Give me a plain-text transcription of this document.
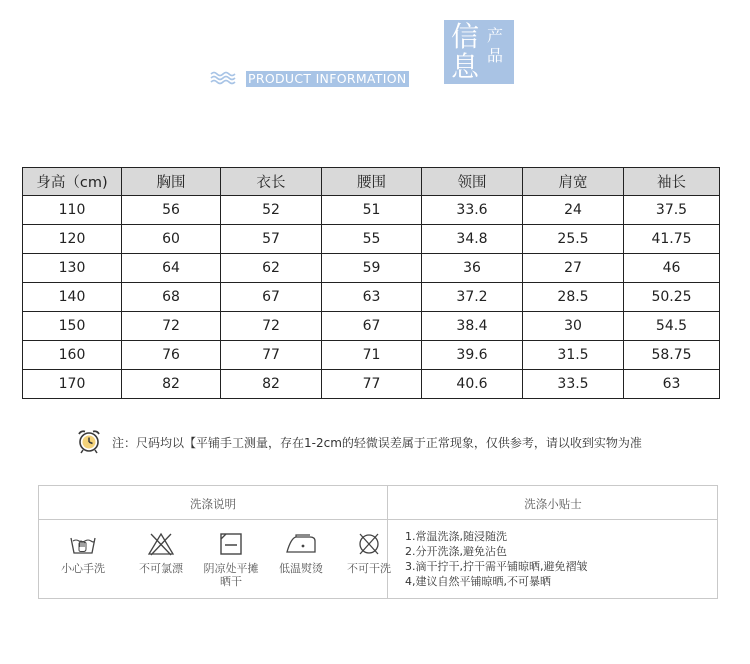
PRODUCT INFORMATION
信息
产品
身高（cm)	胸围	衣长	腰围	领围	肩宽	袖长
110	56	52	51	33.6	24	37.5
120	60	57	55	34.8	25.5	41.75
130	64	62	59	36	27	46
140	68	67	63	37.2	28.5	50.25
150	72	72	67	38.4	30	54.5
160	76	77	71	39.6	31.5	58.75
170	82	82	77	40.6	33.5	63
注：尺码均以【平铺手工测量，存在1-2cm的轻微误差属于正常现象，仅供参考，请以收到实物为准
洗涤说明	洗涤小贴士
小心手洗	不可氯漂	阴凉处平摊晒干
低温熨烫	不可干洗
1.常温洗涤,随浸随洗
2.分开洗涤,避免沾色
3.滴干拧干,拧干需平铺晾晒,避免褶皱
4,建议自然平铺晾晒,不可暴晒
